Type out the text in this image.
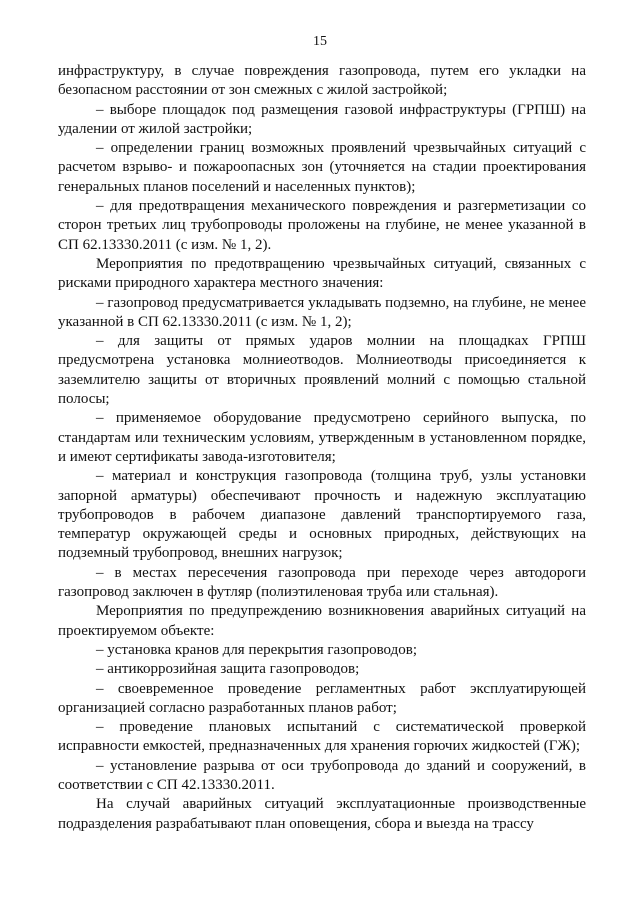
15

инфраструктуру, в случае повреждения газопровода, путем его укладки на безопасном расстоянии от зон смежных с жилой застройкой;

– выборе площадок под размещения газовой инфраструктуры (ГРПШ) на удалении от жилой застройки;

– определении границ возможных проявлений чрезвычайных ситуаций с расчетом взрыво- и пожароопасных зон (уточняется на стадии проектирования генеральных планов поселений и населенных пунктов);

– для предотвращения механического повреждения и разгерметизации со сторон третьих лиц трубопроводы проложены на глубине, не менее указанной в СП 62.13330.2011 (с изм. № 1, 2).

Мероприятия по предотвращению чрезвычайных ситуаций, связанных с рисками природного характера местного значения:

– газопровод предусматривается укладывать подземно, на глубине, не менее указанной в СП 62.13330.2011 (с изм. № 1, 2);

– для защиты от прямых ударов молнии на площадках ГРПШ предусмотрена установка молниеотводов. Молниеотводы присоединяется к заземлителю защиты от вторичных проявлений молний с помощью стальной полосы;

– применяемое оборудование предусмотрено серийного выпуска, по стандартам или техническим условиям, утвержденным в установленном порядке, и имеют сертификаты завода-изготовителя;

– материал и конструкция газопровода (толщина труб, узлы установки запорной арматуры) обеспечивают прочность и надежную эксплуатацию трубопроводов в рабочем диапазоне давлений транспортируемого газа, температур окружающей среды и основных природных, действующих на подземный трубопровод, внешних нагрузок;

– в местах пересечения газопровода при переходе через автодороги газопровод заключен в футляр (полиэтиленовая труба или стальная).

Мероприятия по предупреждению возникновения аварийных ситуаций на проектируемом объекте:

– установка кранов для перекрытия газопроводов;

– антикоррозийная защита газопроводов;

– своевременное проведение регламентных работ эксплуатирующей организацией согласно разработанных планов работ;

– проведение плановых испытаний с систематической проверкой исправности емкостей, предназначенных для хранения горючих жидкостей (ГЖ);

– установление разрыва от оси трубопровода до зданий и сооружений, в соответствии с СП 42.13330.2011.

На случай аварийных ситуаций эксплуатационные производственные подразделения разрабатывают план оповещения, сбора и выезда на трассу
